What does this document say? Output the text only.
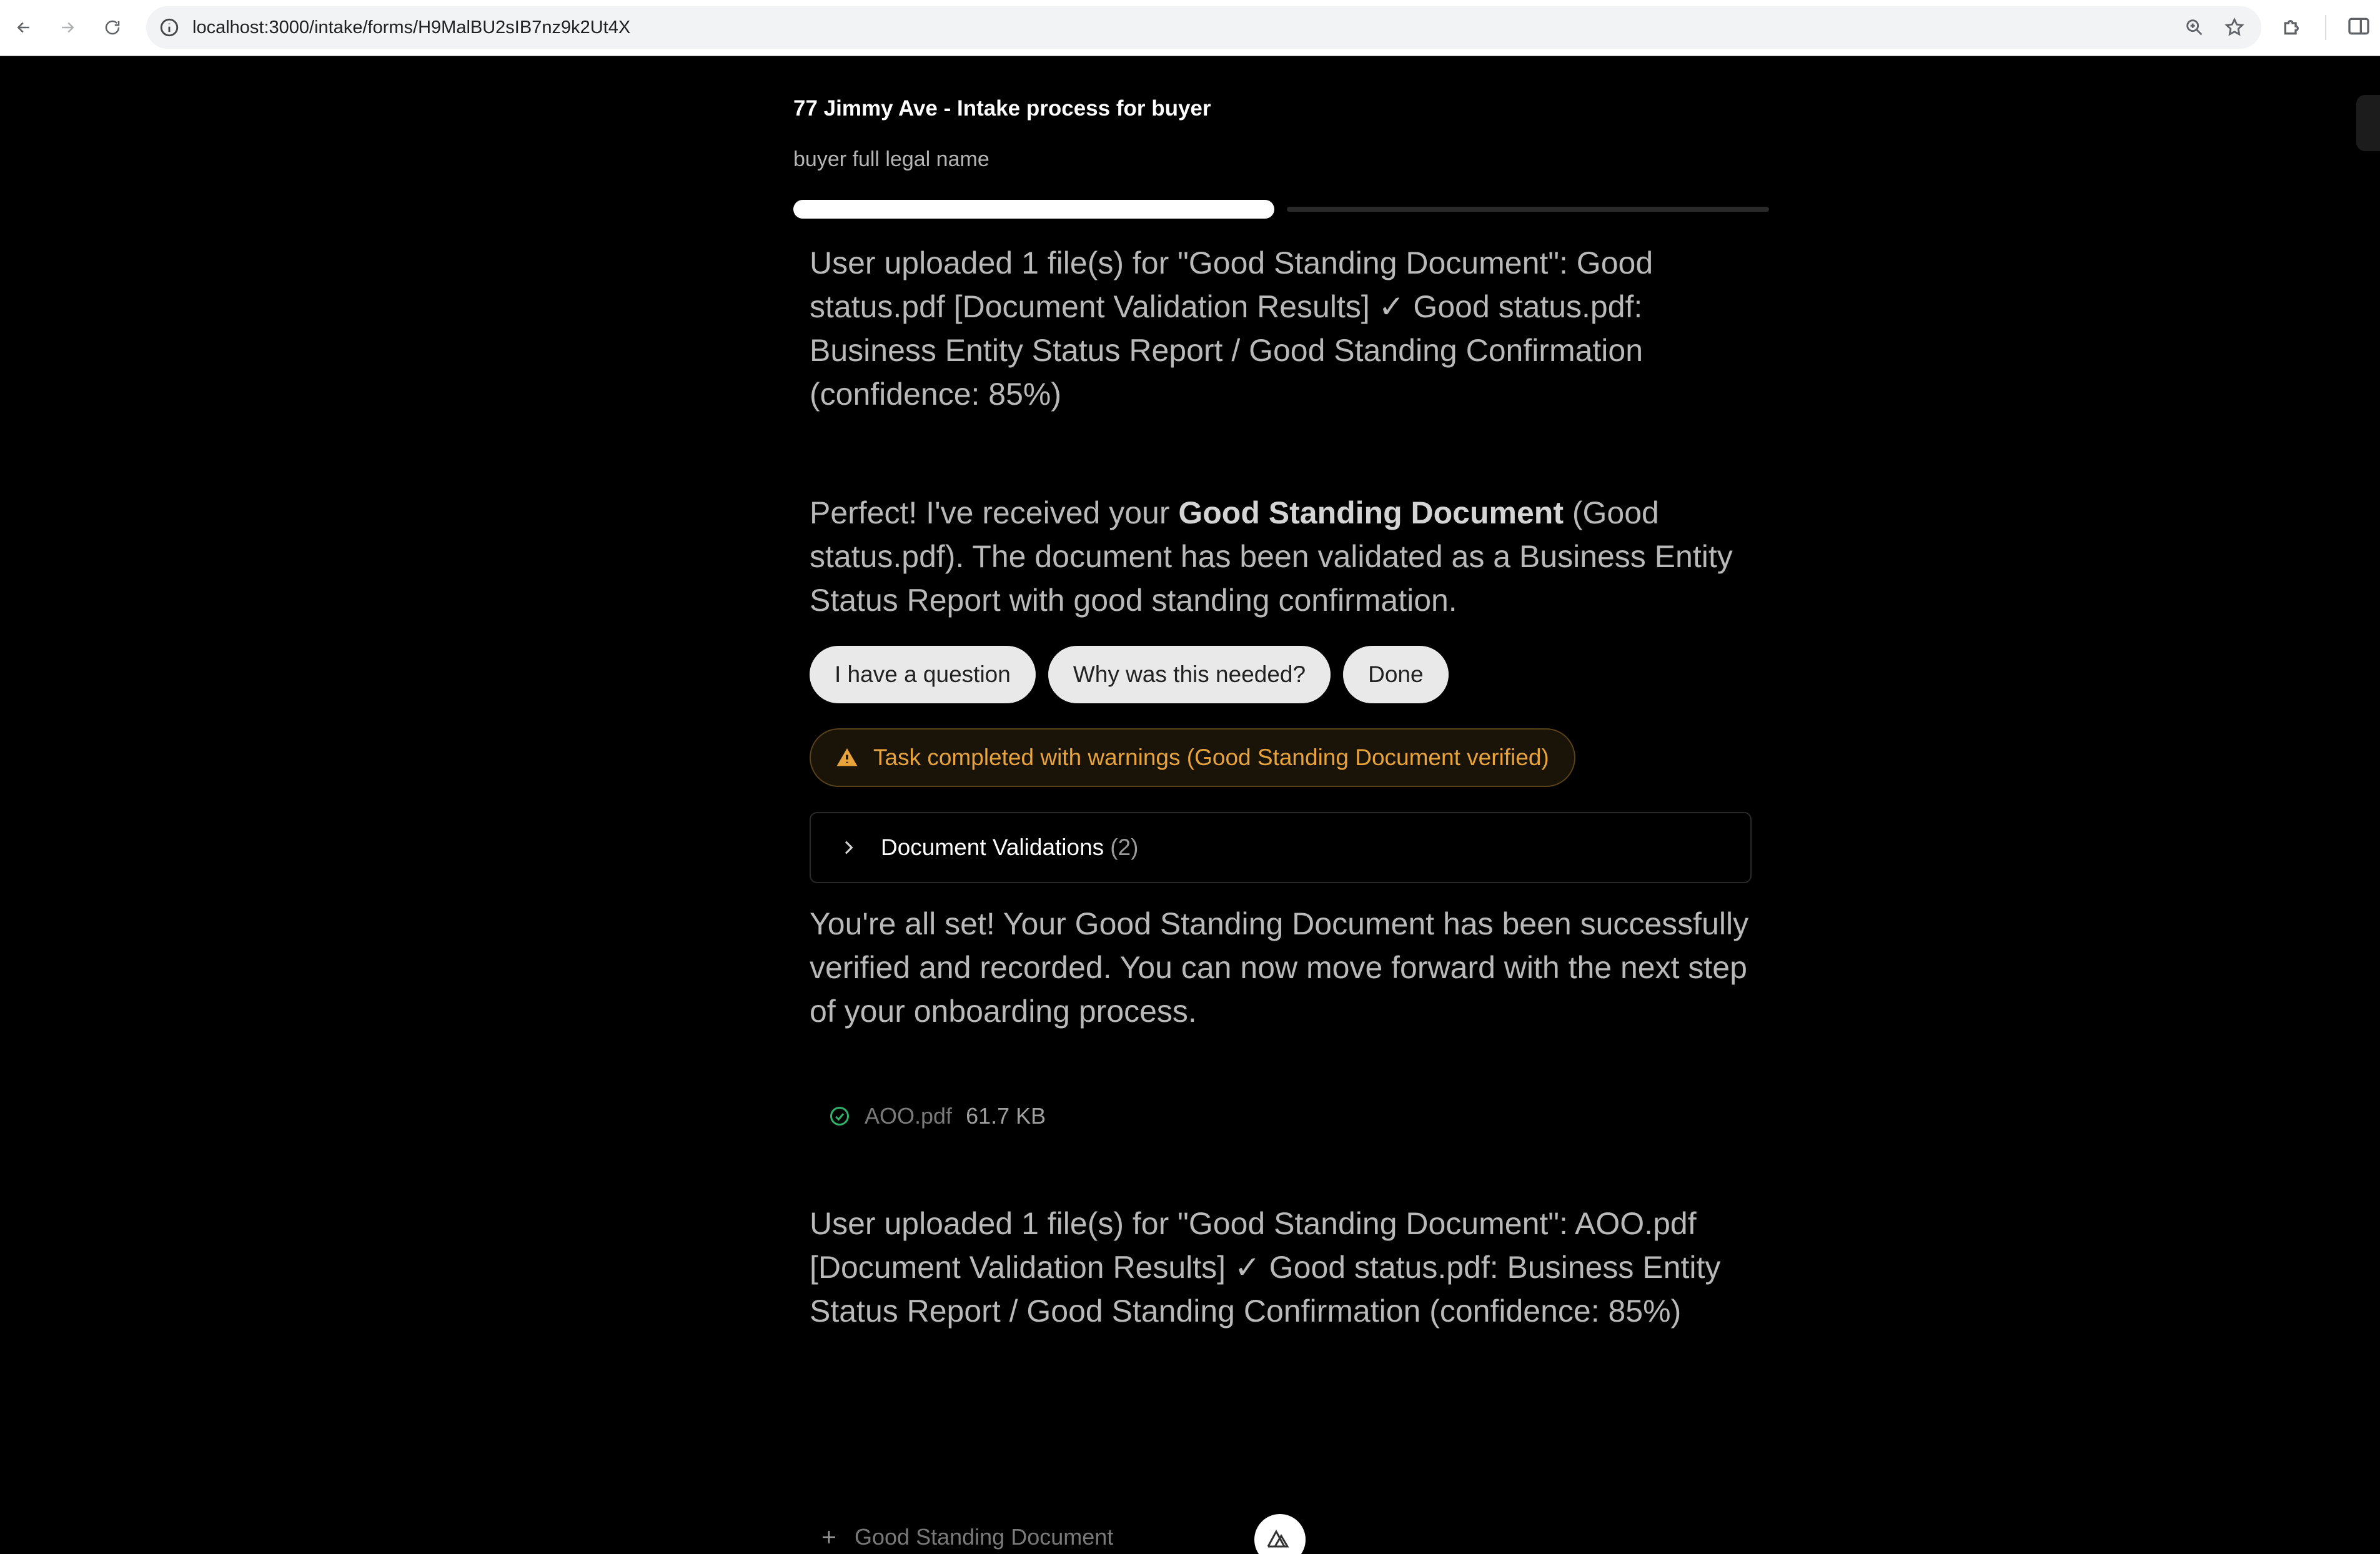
localhost:3000/intake/forms/H9MalBU2sIB7nz9k2Ut4X
77 Jimmy Ave - Intake process for buyer
buyer full legal name
User uploaded 1 file(s) for "Good Standing Document": Good status.pdf [Document Validation Results] ✓ Good status.pdf: Business Entity Status Report / Good Standing Confirmation (confidence: 85%)
Perfect! I've received your Good Standing Document (Good status.pdf). The document has been validated as a Business Entity Status Report with good standing confirmation.
I have a question	Why was this needed?	Done
Task completed with warnings (Good Standing Document verified)
Document Validations (2)
You're all set! Your Good Standing Document has been successfully verified and recorded. You can now move forward with the next step of your onboarding process.
AOO.pdf 61.7 KB
User uploaded 1 file(s) for "Good Standing Document": AOO.pdf [Document Validation Results] ✓ Good status.pdf: Business Entity Status Report / Good Standing Confirmation (confidence: 85%)
Good Standing Document
